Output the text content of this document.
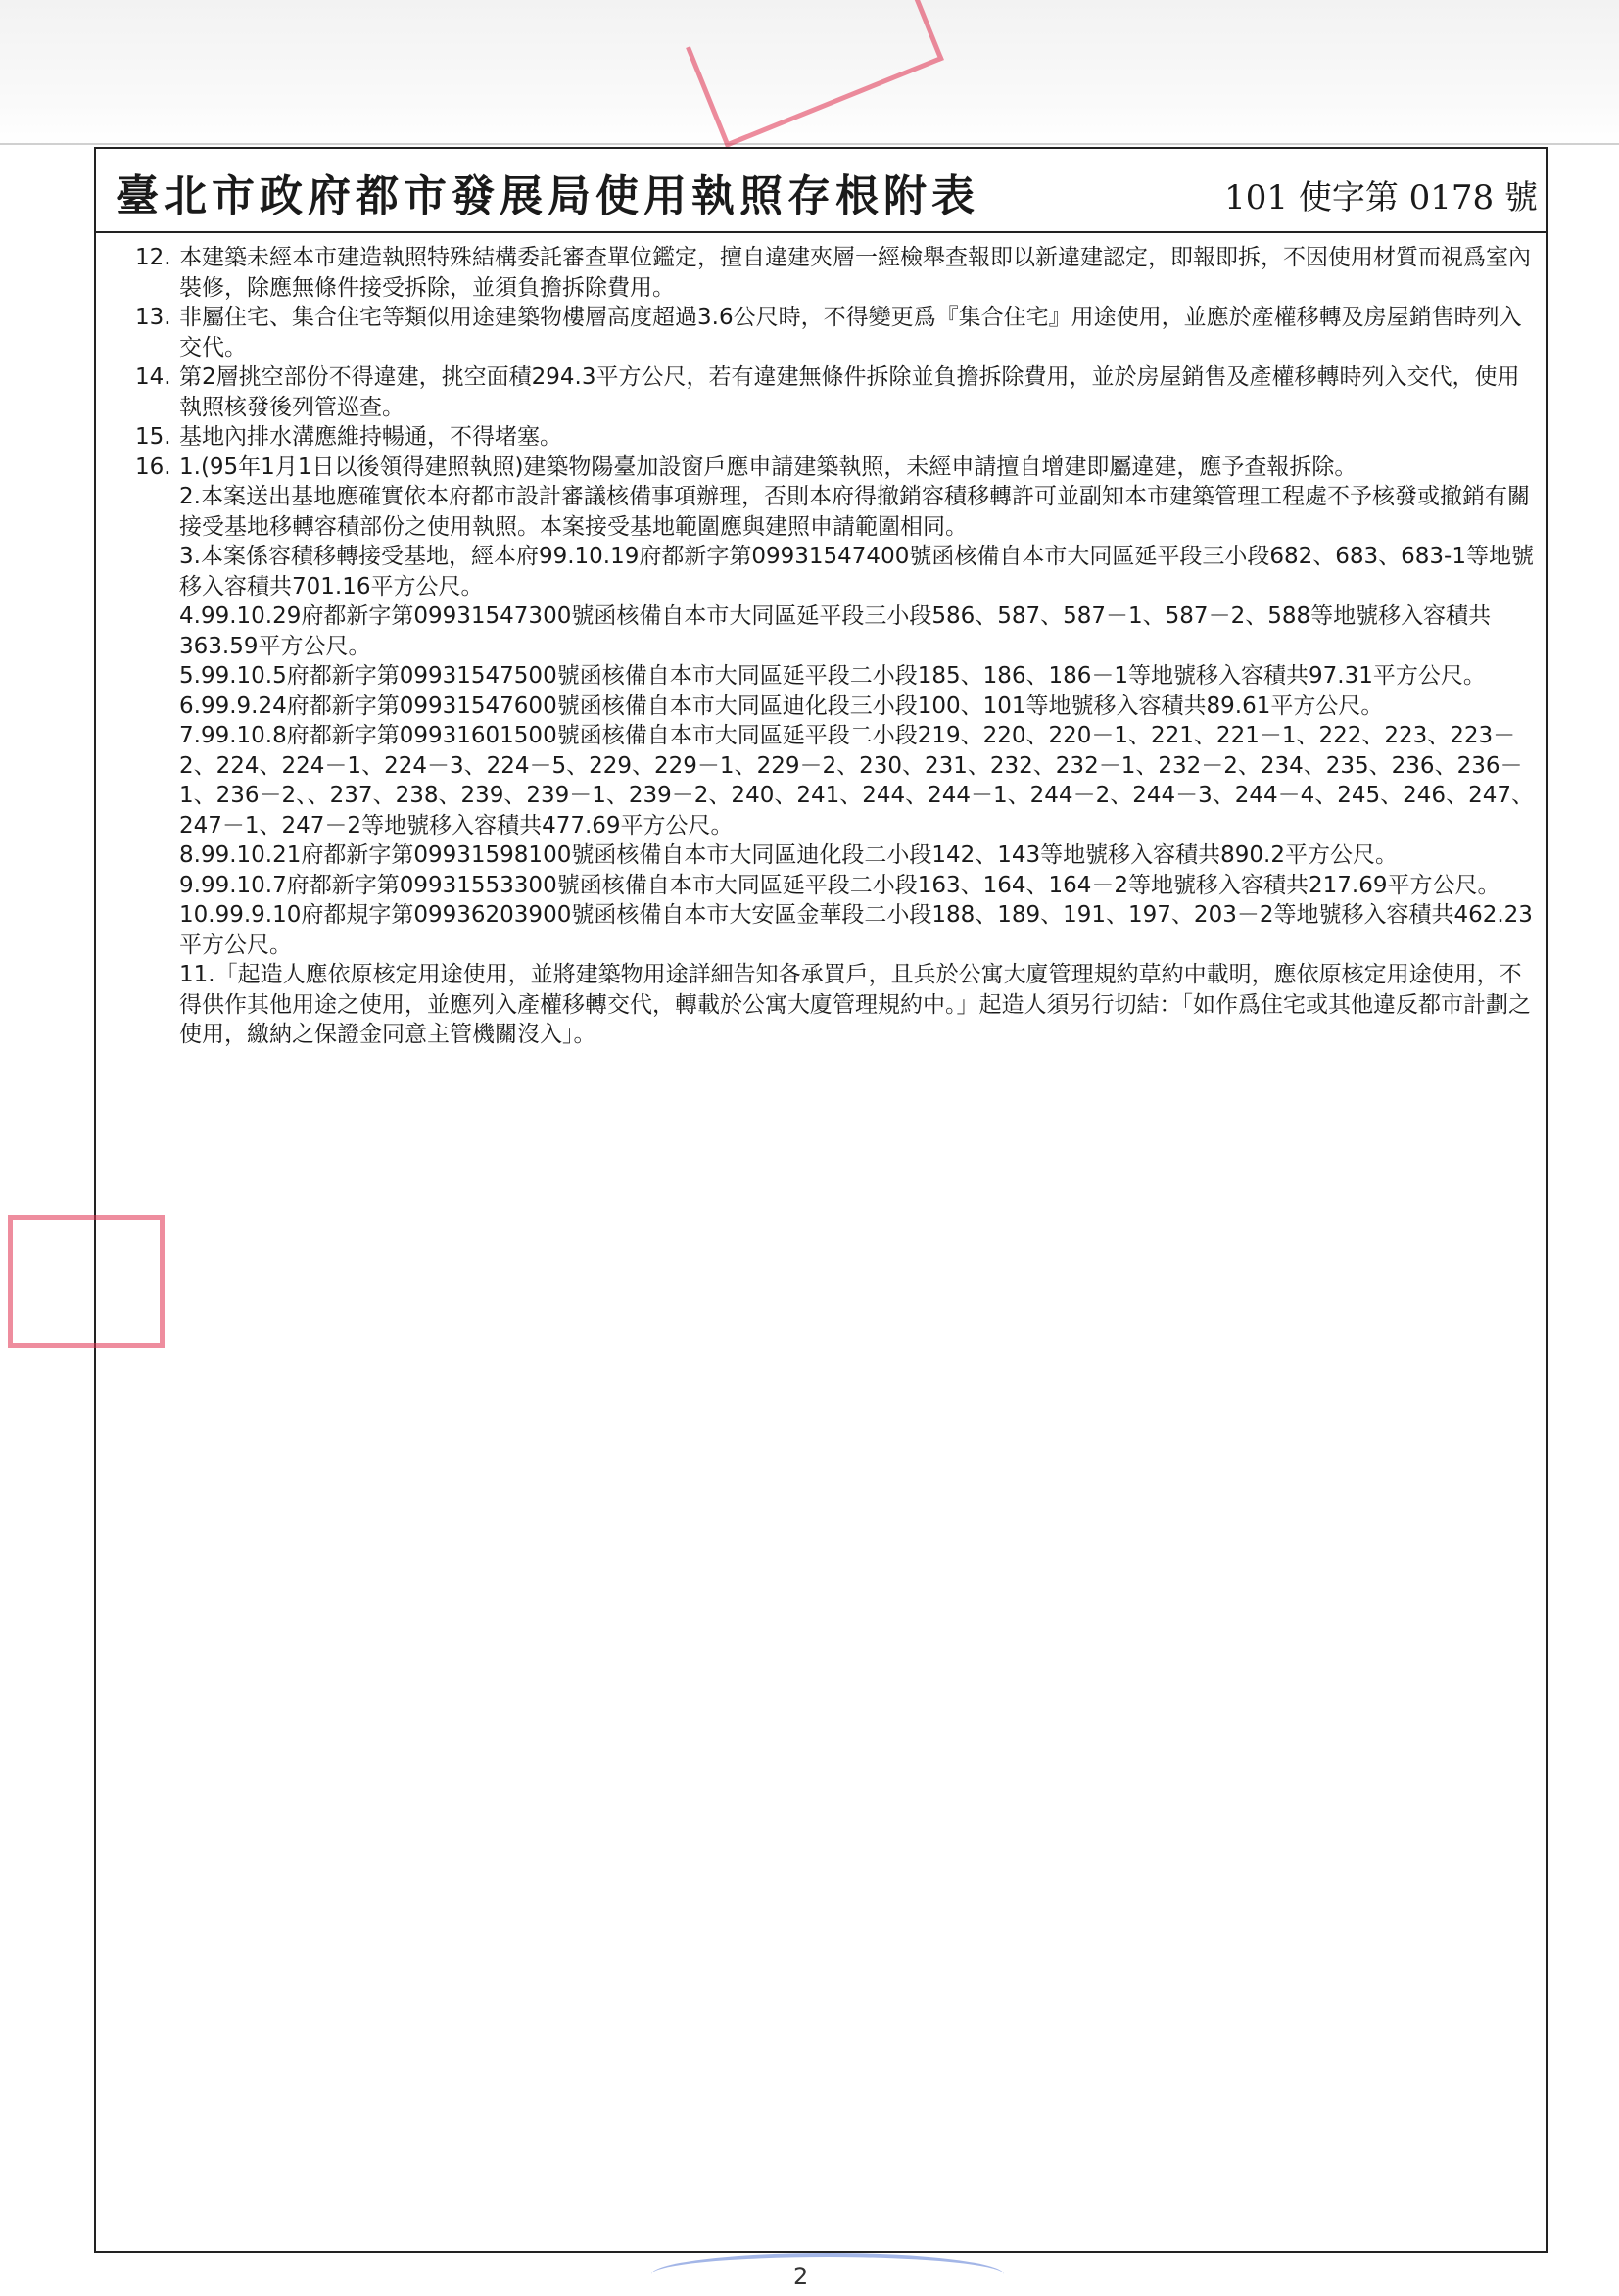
臺北市政府都市發展局使用執照存根附表	101 使字第 0178 號
12. 本建築未經本市建造執照特殊結構委託審查單位鑑定，擅自違建夾層一經檢舉查報即以新違建認定，即報即拆，不因使用材質而視爲室內裝修，除應無條件接受拆除，並須負擔拆除費用。
13. 非屬住宅、集合住宅等類似用途建築物樓層高度超過3.6公尺時，不得變更爲『集合住宅』用途使用，並應於產權移轉及房屋銷售時列入交代。
14. 第2層挑空部份不得違建，挑空面積294.3平方公尺，若有違建無條件拆除並負擔拆除費用，並於房屋銷售及產權移轉時列入交代，使用執照核發後列管巡查。
15. 基地內排水溝應維持暢通，不得堵塞。
16. 1.(95年1月1日以後領得建照執照)建築物陽臺加設窗戶應申請建築執照，未經申請擅自增建即屬違建，應予查報拆除。
2.本案送出基地應確實依本府都市設計審議核備事項辦理，否則本府得撤銷容積移轉許可並副知本市建築管理工程處不予核發或撤銷有關接受基地移轉容積部份之使用執照。本案接受基地範圍應與建照申請範圍相同。
3.本案係容積移轉接受基地，經本府99.10.19府都新字第09931547400號函核備自本市大同區延平段三小段682、683、683-1等地號移入容積共701.16平方公尺。
4.99.10.29府都新字第09931547300號函核備自本市大同區延平段三小段586、587、587－1、587－2、588等地號移入容積共363.59平方公尺。
5.99.10.5府都新字第09931547500號函核備自本市大同區延平段二小段185、186、186－1等地號移入容積共97.31平方公尺。
6.99.9.24府都新字第09931547600號函核備自本市大同區迪化段三小段100、101等地號移入容積共89.61平方公尺。
7.99.10.8府都新字第09931601500號函核備自本市大同區延平段二小段219、220、220－1、221、221－1、222、223、223－2、224、224－1、224－3、224－5、229、229－1、229－2、230、231、232、232－1、232－2、234、235、236、236－1、236－2、、237、238、239、239－1、239－2、240、241、244、244－1、244－2、244－3、244－4、245、246、247、247－1、247－2等地號移入容積共477.69平方公尺。
8.99.10.21府都新字第09931598100號函核備自本市大同區迪化段二小段142、143等地號移入容積共890.2平方公尺。
9.99.10.7府都新字第09931553300號函核備自本市大同區延平段二小段163、164、164－2等地號移入容積共217.69平方公尺。
10.99.9.10府都規字第09936203900號函核備自本市大安區金華段二小段188、189、191、197、203－2等地號移入容積共462.23平方公尺。
11.「起造人應依原核定用途使用，並將建築物用途詳細告知各承買戶，且兵於公寓大廈管理規約草約中載明，應依原核定用途使用，不得供作其他用途之使用，並應列入產權移轉交代，轉載於公寓大廈管理規約中。」起造人須另行切結：「如作爲住宅或其他違反都市計劃之使用，繳納之保證金同意主管機關沒入」。
2
